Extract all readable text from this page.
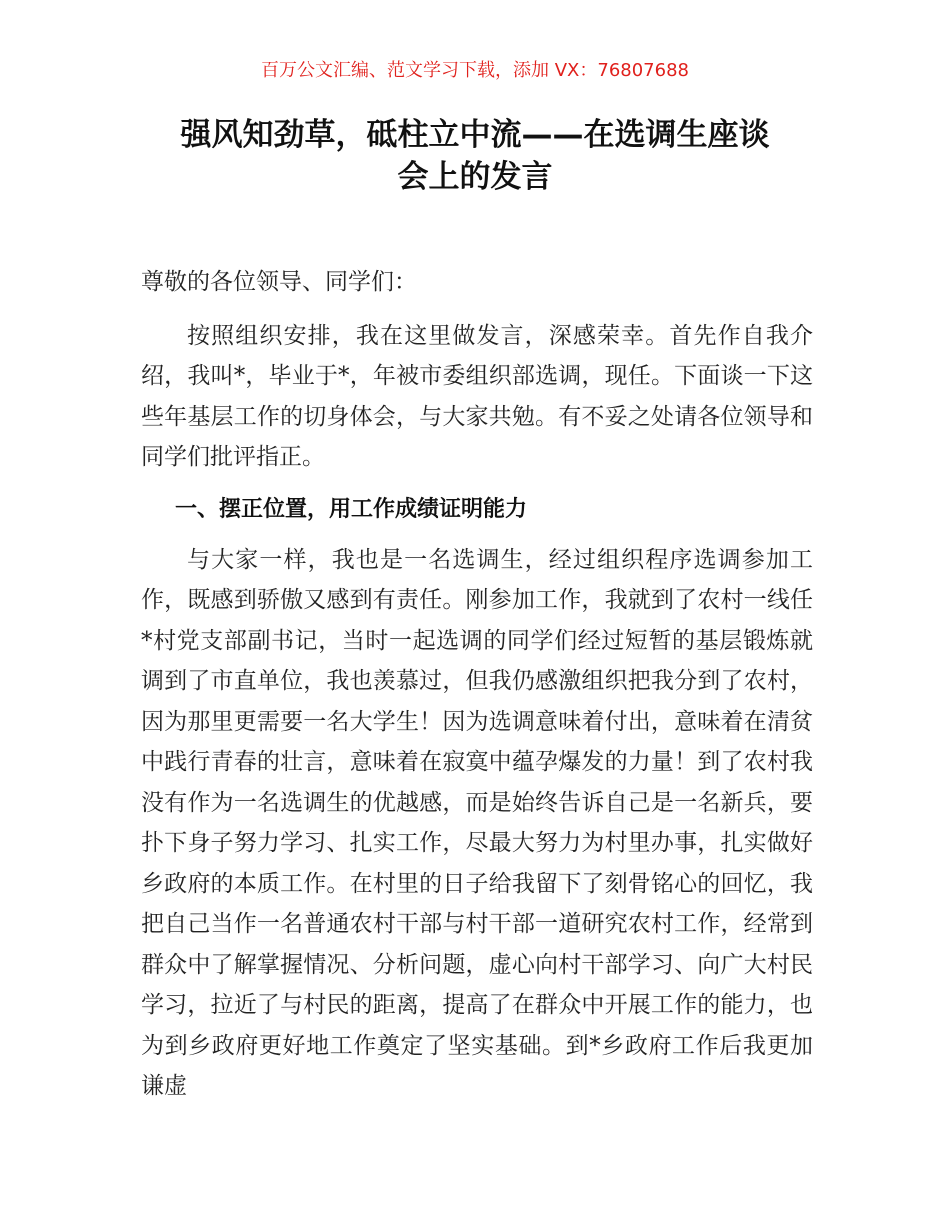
百万公文汇编、范文学习下载，添加 VX：76807688
强风知劲草，砥柱立中流——在选调生座谈
会上的发言

尊敬的各位领导、同学们：

按照组织安排，我在这里做发言，深感荣幸。首先作自我介绍，我叫*，毕业于*，年被市委组织部选调，现任。下面谈一下这些年基层工作的切身体会，与大家共勉。有不妥之处请各位领导和同学们批评指正。

一、摆正位置，用工作成绩证明能力

与大家一样，我也是一名选调生，经过组织程序选调参加工作，既感到骄傲又感到有责任。刚参加工作，我就到了农村一线任*村党支部副书记，当时一起选调的同学们经过短暂的基层锻炼就调到了市直单位，我也羡慕过，但我仍感激组织把我分到了农村，因为那里更需要一名大学生！因为选调意味着付出，意味着在清贫中践行青春的壮言，意味着在寂寞中蕴孕爆发的力量！到了农村我没有作为一名选调生的优越感，而是始终告诉自己是一名新兵，要扑下身子努力学习、扎实工作，尽最大努力为村里办事，扎实做好乡政府的本质工作。在村里的日子给我留下了刻骨铭心的回忆，我把自己当作一名普通农村干部与村干部一道研究农村工作，经常到群众中了解掌握情况、分析问题，虚心向村干部学习、向广大村民学习，拉近了与村民的距离，提高了在群众中开展工作的能力，也为到乡政府更好地工作奠定了坚实基础。到*乡政府工作后我更加谦虚
